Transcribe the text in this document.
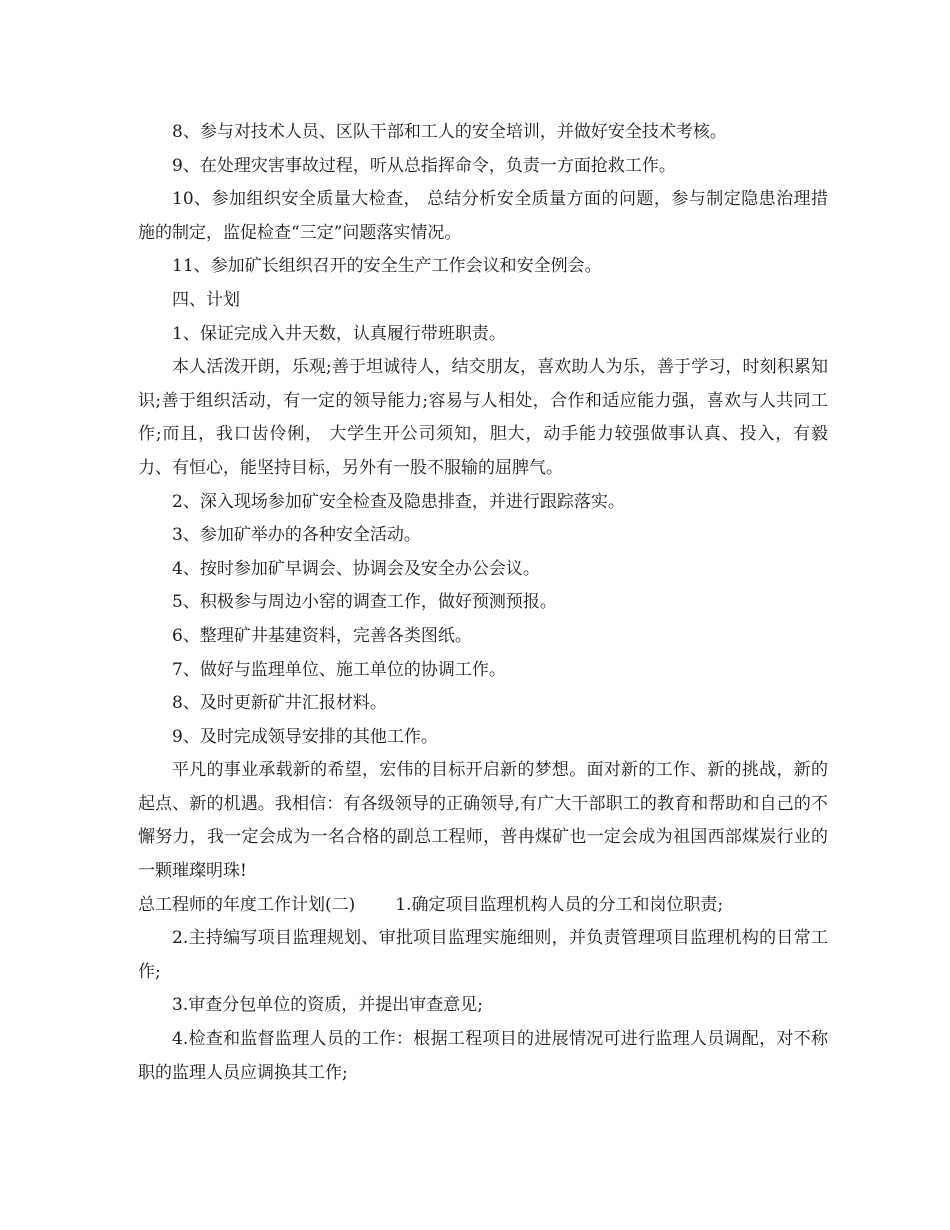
8、参与对技术人员、区队干部和工人的安全培训，并做好安全技术考核。

9、在处理灾害事故过程，听从总指挥命令，负责一方面抢救工作。

10、参加组织安全质量大检查， 总结分析安全质量方面的问题，参与制定隐患治理措施的制定，监促检查“三定”问题落实情况。

11、参加矿长组织召开的安全生产工作会议和安全例会。

四、计划

1、保证完成入井天数，认真履行带班职责。

本人活泼开朗，乐观;善于坦诚待人，结交朋友，喜欢助人为乐，善于学习，时刻积累知识;善于组织活动，有一定的领导能力;容易与人相处，合作和适应能力强，喜欢与人共同工作;而且，我口齿伶俐， 大学生开公司须知，胆大，动手能力较强做事认真、投入，有毅力、有恒心，能坚持目标，另外有一股不服输的屈脾气。

2、深入现场参加矿安全检查及隐患排查，并进行跟踪落实。

3、参加矿举办的各种安全活动。

4、按时参加矿早调会、协调会及安全办公会议。

5、积极参与周边小窑的调查工作，做好预测预报。

6、整理矿井基建资料，完善各类图纸。

7、做好与监理单位、施工单位的协调工作。

8、及时更新矿井汇报材料。

9、及时完成领导安排的其他工作。

平凡的事业承载新的希望，宏伟的目标开启新的梦想。面对新的工作、新的挑战，新的起点、新的机遇。我相信：有各级领导的正确领导,有广大干部职工的教育和帮助和自己的不懈努力，我一定会成为一名合格的副总工程师，普冉煤矿也一定会成为祖国西部煤炭行业的一颗璀璨明珠!

总工程师的年度工作计划(二) 1.确定项目监理机构人员的分工和岗位职责;

2.主持编写项目监理规划、审批项目监理实施细则，并负责管理项目监理机构的日常工作;

3.审查分包单位的资质，并提出审查意见;

4.检查和监督监理人员的工作：根据工程项目的进展情况可进行监理人员调配，对不称职的监理人员应调换其工作;
